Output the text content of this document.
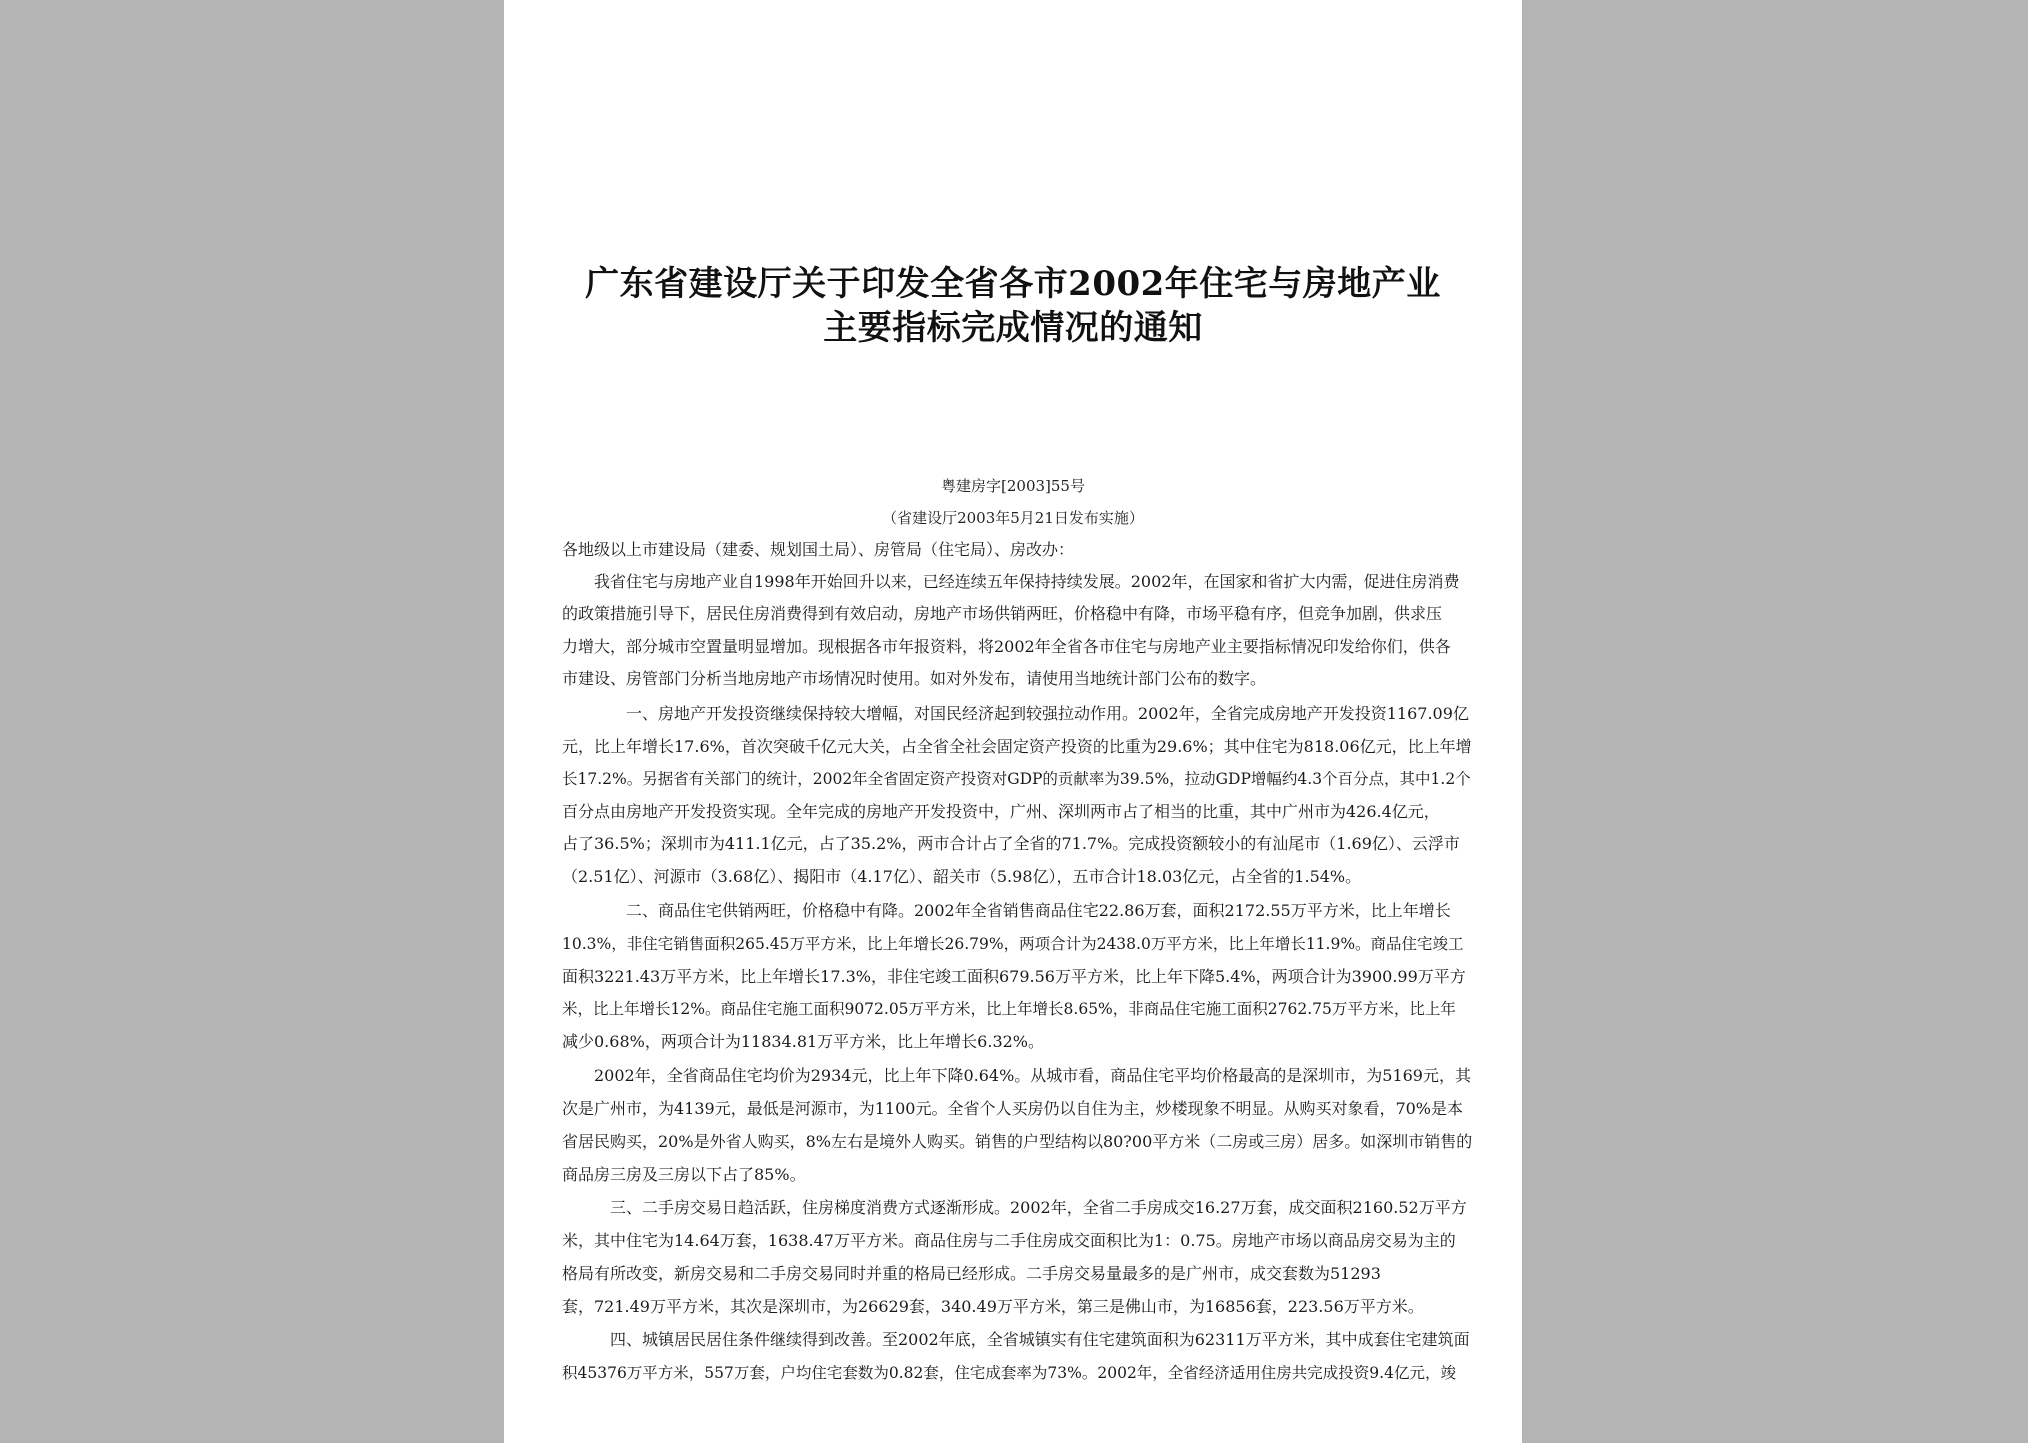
广东省建设厅关于印发全省各市2002年住宅与房地产业
主要指标完成情况的通知
粤建房字[2003]55号
（省建设厅2003年5月21日发布实施）

各地级以上市建设局（建委、规划国土局）、房管局（住宅局）、房改办：

　　我省住宅与房地产业自1998年开始回升以来，已经连续五年保持持续发展。2002年，在国家和省扩大内需，促进住房消费

的政策措施引导下，居民住房消费得到有效启动，房地产市场供销两旺，价格稳中有降，市场平稳有序，但竞争加剧，供求压

力增大，部分城市空置量明显增加。现根据各市年报资料，将2002年全省各市住宅与房地产业主要指标情况印发给你们，供各

市建设、房管部门分析当地房地产市场情况时使用。如对外发布，请使用当地统计部门公布的数字。

　　　　一、房地产开发投资继续保持较大增幅，对国民经济起到较强拉动作用。2002年，全省完成房地产开发投资1167.09亿

元，比上年增长17.6%，首次突破千亿元大关，占全省全社会固定资产投资的比重为29.6%；其中住宅为818.06亿元，比上年增

长17.2%。另据省有关部门的统计，2002年全省固定资产投资对GDP的贡献率为39.5%，拉动GDP增幅约4.3个百分点，其中1.2个

百分点由房地产开发投资实现。全年完成的房地产开发投资中，广州、深圳两市占了相当的比重，其中广州市为426.4亿元，

占了36.5%；深圳市为411.1亿元，占了35.2%，两市合计占了全省的71.7%。完成投资额较小的有汕尾市（1.69亿）、云浮市

（2.51亿）、河源市（3.68亿）、揭阳市（4.17亿）、韶关市（5.98亿），五市合计18.03亿元，占全省的1.54%。

　　　　二、商品住宅供销两旺，价格稳中有降。2002年全省销售商品住宅22.86万套，面积2172.55万平方米，比上年增长

10.3%，非住宅销售面积265.45万平方米，比上年增长26.79%，两项合计为2438.0万平方米，比上年增长11.9%。商品住宅竣工

面积3221.43万平方米，比上年增长17.3%，非住宅竣工面积679.56万平方米，比上年下降5.4%，两项合计为3900.99万平方

米，比上年增长12%。商品住宅施工面积9072.05万平方米，比上年增长8.65%，非商品住宅施工面积2762.75万平方米，比上年

减少0.68%，两项合计为11834.81万平方米，比上年增长6.32%。

　　2002年，全省商品住宅均价为2934元，比上年下降0.64%。从城市看，商品住宅平均价格最高的是深圳市，为5169元，其

次是广州市，为4139元，最低是河源市，为1100元。全省个人买房仍以自住为主，炒楼现象不明显。从购买对象看，70%是本

省居民购买，20%是外省人购买，8%左右是境外人购买。销售的户型结构以80?00平方米（二房或三房）居多。如深圳市销售的

商品房三房及三房以下占了85%。

　　　三、二手房交易日趋活跃，住房梯度消费方式逐渐形成。2002年，全省二手房成交16.27万套，成交面积2160.52万平方

米，其中住宅为14.64万套，1638.47万平方米。商品住房与二手住房成交面积比为1：0.75。房地产市场以商品房交易为主的

格局有所改变，新房交易和二手房交易同时并重的格局已经形成。二手房交易量最多的是广州市，成交套数为51293

套，721.49万平方米，其次是深圳市，为26629套，340.49万平方米，第三是佛山市，为16856套，223.56万平方米。

　　　四、城镇居民居住条件继续得到改善。至2002年底，全省城镇实有住宅建筑面积为62311万平方米，其中成套住宅建筑面

积45376万平方米，557万套，户均住宅套数为0.82套，住宅成套率为73%。2002年，全省经济适用住房共完成投资9.4亿元，竣
